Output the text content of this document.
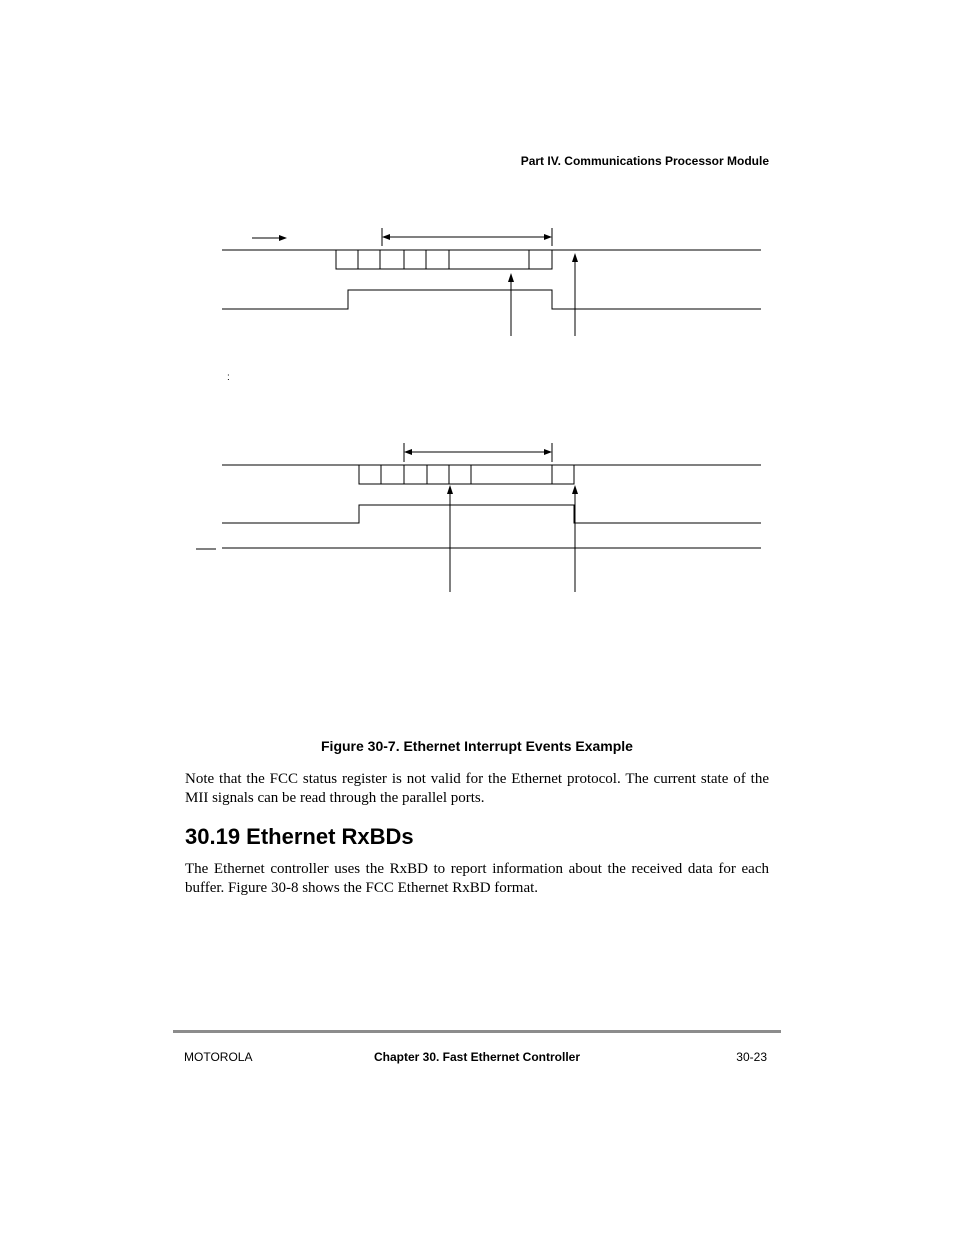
Part IV. Communications Processor Module
:
Figure 30-7. Ethernet Interrupt Events Example

Note that the FCC status register is not valid for the Ethernet protocol. The current state of the MII signals can be read through the parallel ports.

30.19 Ethernet RxBDs

The Ethernet controller uses the RxBD to report information about the received data for each buffer. Figure 30-8 shows the FCC Ethernet RxBD format.

MOTOROLA	Chapter 30. Fast Ethernet Controller	30-23
